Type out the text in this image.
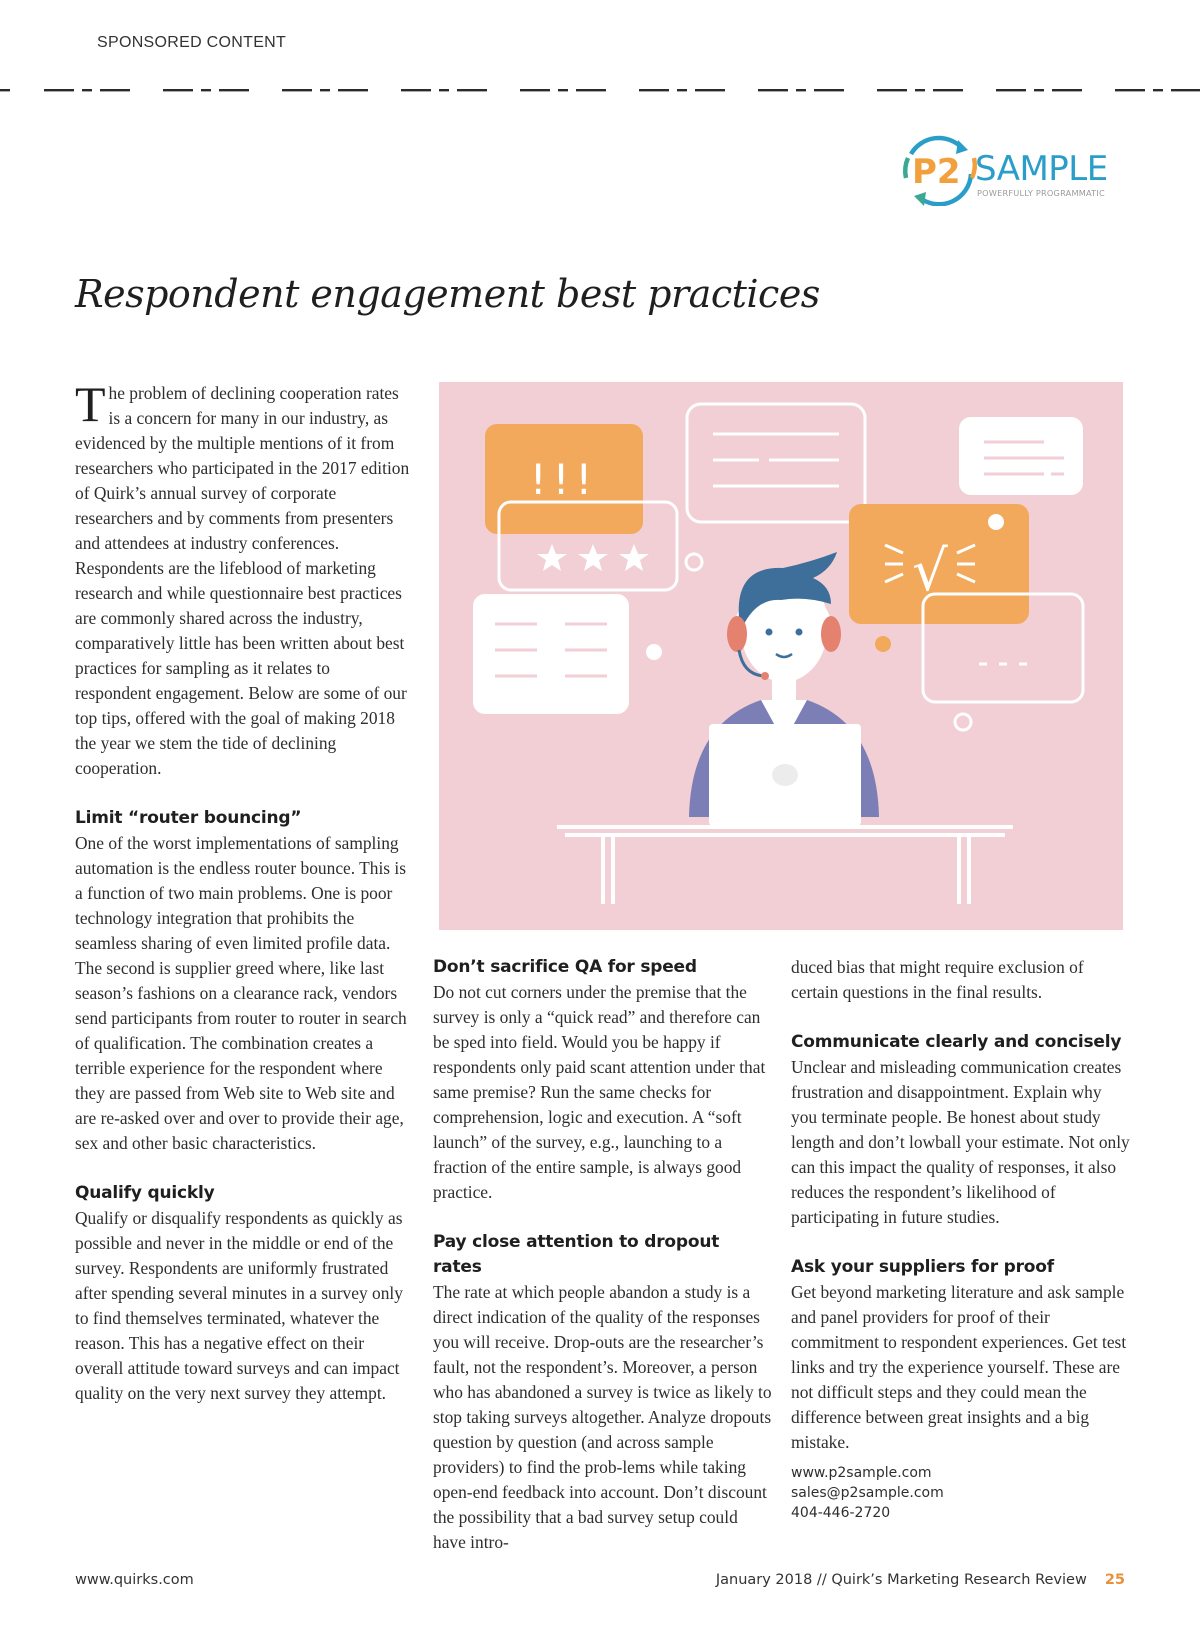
SPONSORED CONTENT
P2 SAMPLE
POWERFULLY PROGRAMMATIC
Respondent engagement best practices

The problem of declining cooperation rates is a concern for many in our industry, as evidenced by the multiple mentions of it from researchers who participated in the 2017 edition of Quirk’s annual survey of corporate researchers and by comments from presenters and attendees at industry conferences. Respondents are the lifeblood of marketing research and while questionnaire best practices are commonly shared across the industry, comparatively little has been written about best practices for sampling as it relates to respondent engagement. Below are some of our top tips, offered with the goal of making 2018 the year we stem the tide of declining cooperation.

Limit “router bouncing”
One of the worst implementations of sampling automation is the endless router bounce. This is a function of two main problems. One is poor technology integration that prohibits the seamless sharing of even limited profile data. The second is supplier greed where, like last season’s fashions on a clearance rack, vendors send participants from router to router in search of qualification. The combination creates a terrible experience for the respondent where they are passed from Web site to Web site and are re-asked over and over to provide their age, sex and other basic characteristics.
Qualify quickly
Qualify or disqualify respondents as quickly as possible and never in the middle or end of the survey. Respondents are uniformly frustrated after spending several minutes in a survey only to find themselves terminated, whatever the reason. This has a negative effect on their overall attitude toward surveys and can impact quality on the very next survey they attempt.
!!!
√
Don’t sacrifice QA for speed
Do not cut corners under the premise that the survey is only a “quick read” and therefore can be sped into field. Would you be happy if respondents only paid scant attention under that same premise? Run the same checks for comprehension, logic and execution. A “soft launch” of the survey, e.g., launching to a fraction of the entire sample, is always good practice.
Pay close attention to dropout rates
The rate at which people abandon a study is a direct indication of the quality of the responses you will receive. Drop-outs are the researcher’s fault, not the respondent’s. Moreover, a person who has abandoned a survey is twice as likely to stop taking surveys altogether. Analyze dropouts question by question (and across sample providers) to find the prob-lems while taking open-end feedback into account. Don’t discount the possibility that a bad survey setup could have intro-
duced bias that might require exclusion of certain questions in the final results.
Communicate clearly and concisely
Unclear and misleading communication creates frustration and disappointment. Explain why you terminate people. Be honest about study length and don’t lowball your estimate. Not only can this impact the quality of responses, it also reduces the respondent’s likelihood of participating in future studies.
Ask your suppliers for proof
Get beyond marketing literature and ask sample and panel providers for proof of their commitment to respondent experiences. Get test links and try the experience yourself. These are not difficult steps and they could mean the difference between great insights and a big mistake.
www.p2sample.com
sales@p2sample.com
404-446-2720
www.quirks.com	January 2018 // Quirk’s Marketing Research Review 25
